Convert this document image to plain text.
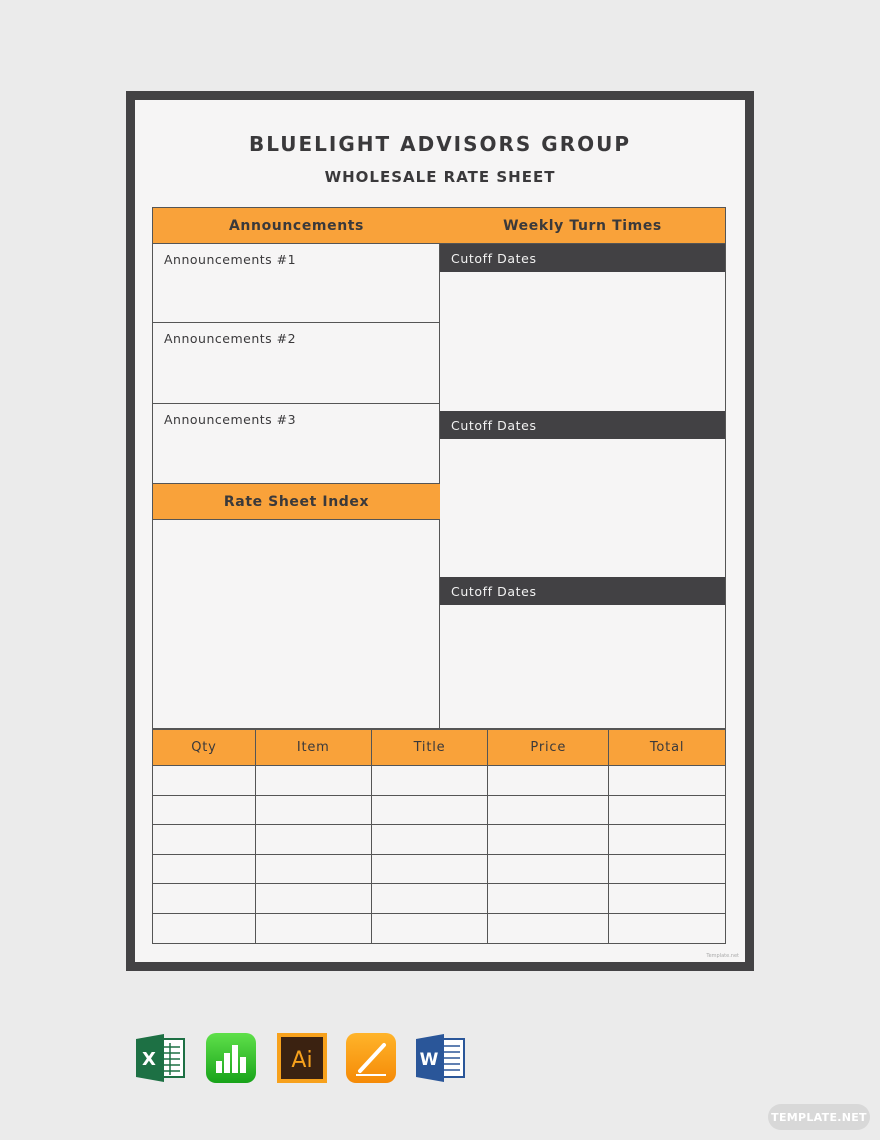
BLUELIGHT ADVISORS GROUP
WHOLESALE RATE SHEET
Announcements
Announcements #1
Announcements #2
Announcements #3
Rate Sheet Index
Weekly Turn Times
Cutoff Dates
Cutoff Dates
Cutoff Dates
Qty	Item	Title	Price	Total

Template.net
X	Ai	W
TEMPLATE.NET
